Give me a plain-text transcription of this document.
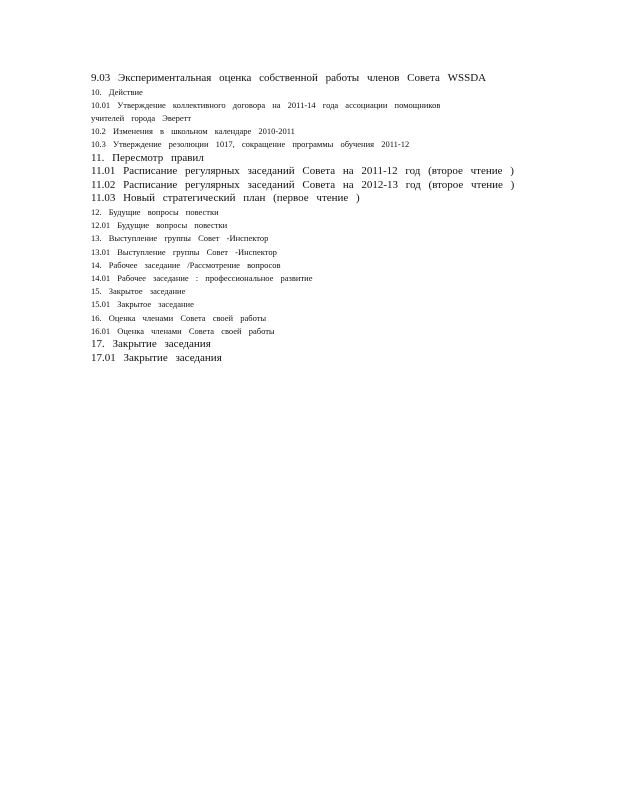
9.03 Экспериментальная оценка собственной работы членов Совета WSSDA
10. Действие
10.01 Утверждение коллективного договора на 2011-14 года ассоциации помощников
учителей города Эверетт
10.2 Изменения в школьном календаре 2010-2011
10.3 Утверждение резолюции 1017, сокращение программы обучения 2011-12
11. Пересмотр правил
11.01 Расписание регулярных заседаний Совета на 2011-12 год (второе чтение )
11.02 Расписание регулярных заседаний Совета на 2012-13 год (второе чтение )
11.03 Новый стратегический план (первое чтение )
12. Будущие вопросы повестки
12.01 Будущие вопросы повестки
13. Выступление группы Совет -Инспектор
13.01 Выступление группы Совет -Инспектор
14. Рабочее заседание /Рассмотрение вопросов
14.01 Рабочее заседание : профессиональное развитие
15. Закрытое заседание
15.01 Закрытое заседание
16. Оценка членами Совета своей работы
16.01 Оценка членами Совета своей работы
17. Закрытие заседания
17.01 Закрытие заседания
